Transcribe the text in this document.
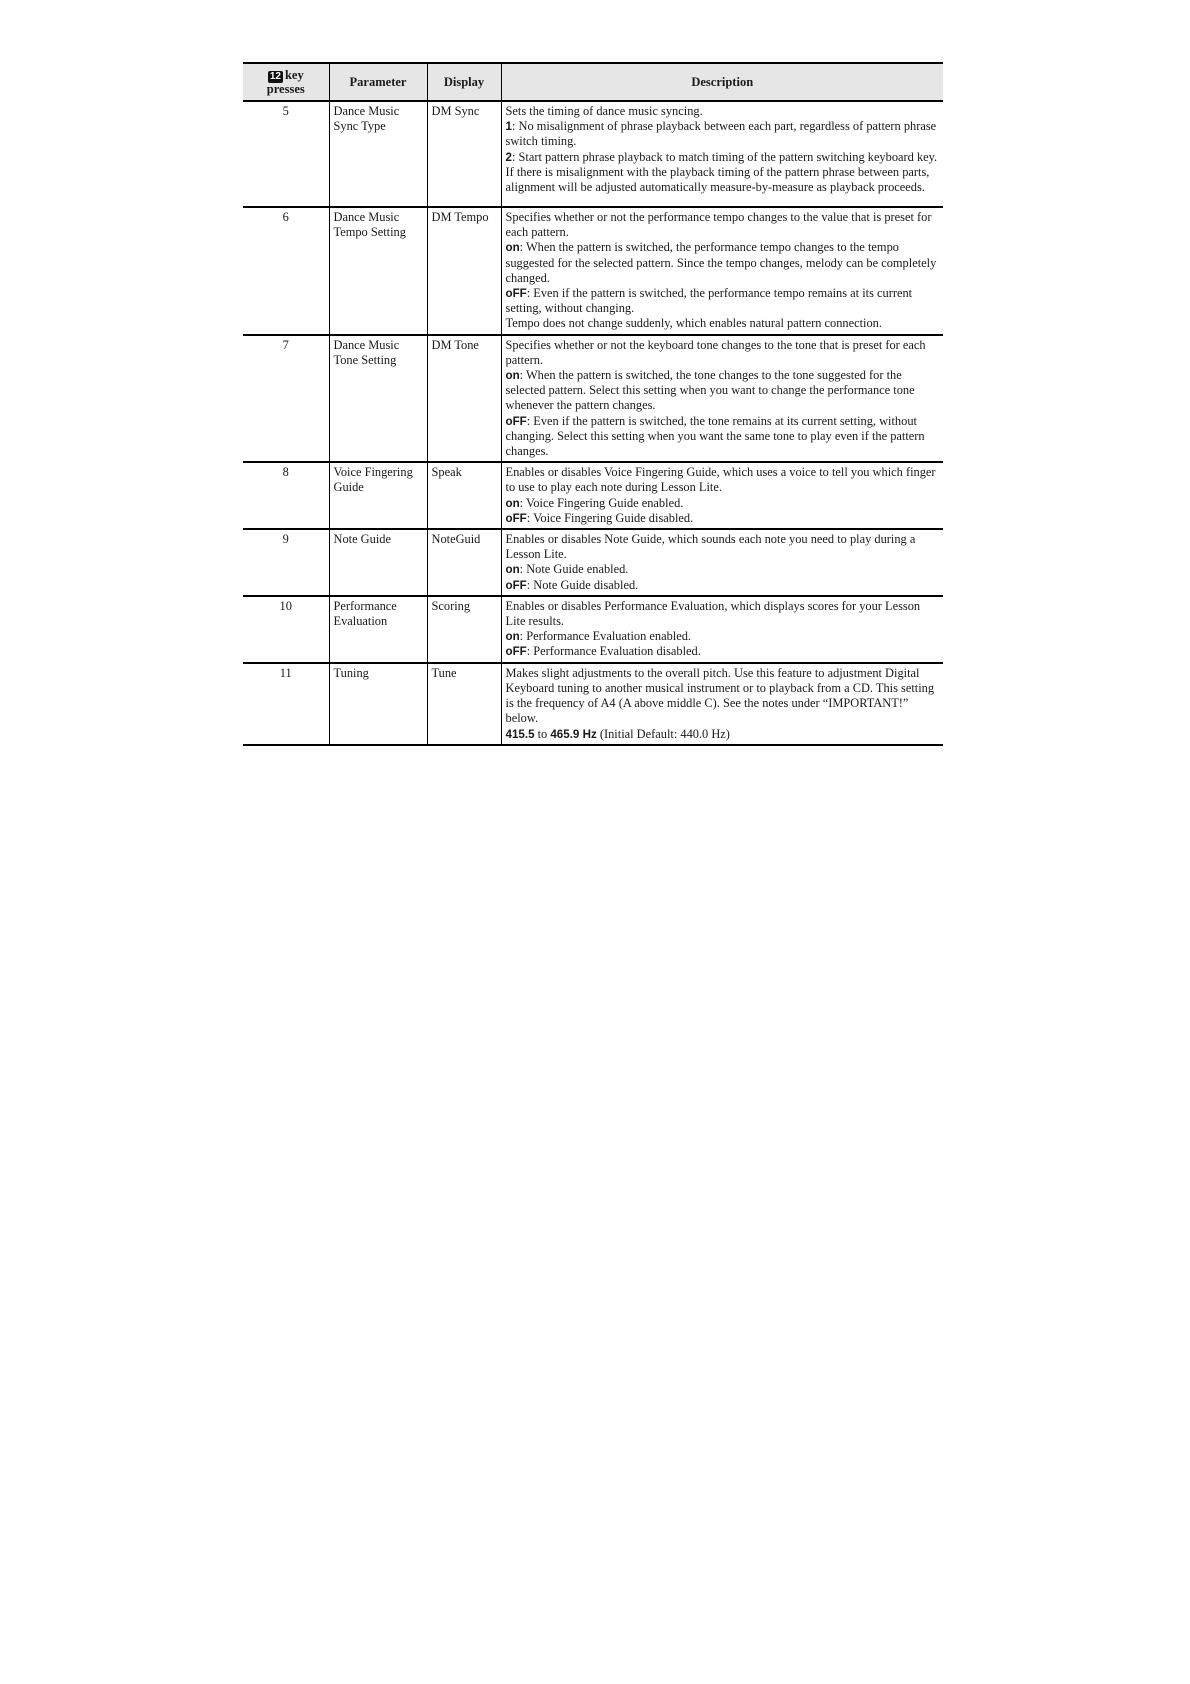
12 key
presses	Parameter	Display	Description
5	Dance Music Sync Type	DM Sync	Sets the timing of dance music syncing.
1: No misalignment of phrase playback between each part, regardless of pattern phrase switch timing.
2: Start pattern phrase playback to match timing of the pattern switching keyboard key. If there is misalignment with the playback timing of the pattern phrase between parts, alignment will be adjusted automatically measure-by-measure as playback proceeds.

6	Dance Music Tempo Setting	DM Tempo	Specifies whether or not the performance tempo changes to the value that is preset for each pattern.
on: When the pattern is switched, the performance tempo changes to the tempo suggested for the selected pattern. Since the tempo changes, melody can be completely changed.
oFF: Even if the pattern is switched, the performance tempo remains at its current setting, without changing.
Tempo does not change suddenly, which enables natural pattern connection.

7	Dance Music Tone Setting	DM Tone	Specifies whether or not the keyboard tone changes to the tone that is preset for each pattern.
on: When the pattern is switched, the tone changes to the tone suggested for the selected pattern. Select this setting when you want to change the performance tone whenever the pattern changes.
oFF: Even if the pattern is switched, the tone remains at its current setting, without changing. Select this setting when you want the same tone to play even if the pattern changes.

8	Voice Fingering Guide	Speak	Enables or disables Voice Fingering Guide, which uses a voice to tell you which finger to use to play each note during Lesson Lite.
on: Voice Fingering Guide enabled.
oFF: Voice Fingering Guide disabled.

9	Note Guide	NoteGuid	Enables or disables Note Guide, which sounds each note you need to play during a Lesson Lite.
on: Note Guide enabled.
oFF: Note Guide disabled.

10	Performance Evaluation	Scoring	Enables or disables Performance Evaluation, which displays scores for your Lesson Lite results.
on: Performance Evaluation enabled.
oFF: Performance Evaluation disabled.

11	Tuning	Tune	Makes slight adjustments to the overall pitch. Use this feature to adjustment Digital Keyboard tuning to another musical instrument or to playback from a CD. This setting is the frequency of A4 (A above middle C). See the notes under “IMPORTANT!” below.
415.5 to 465.9 Hz (Initial Default: 440.0 Hz)
